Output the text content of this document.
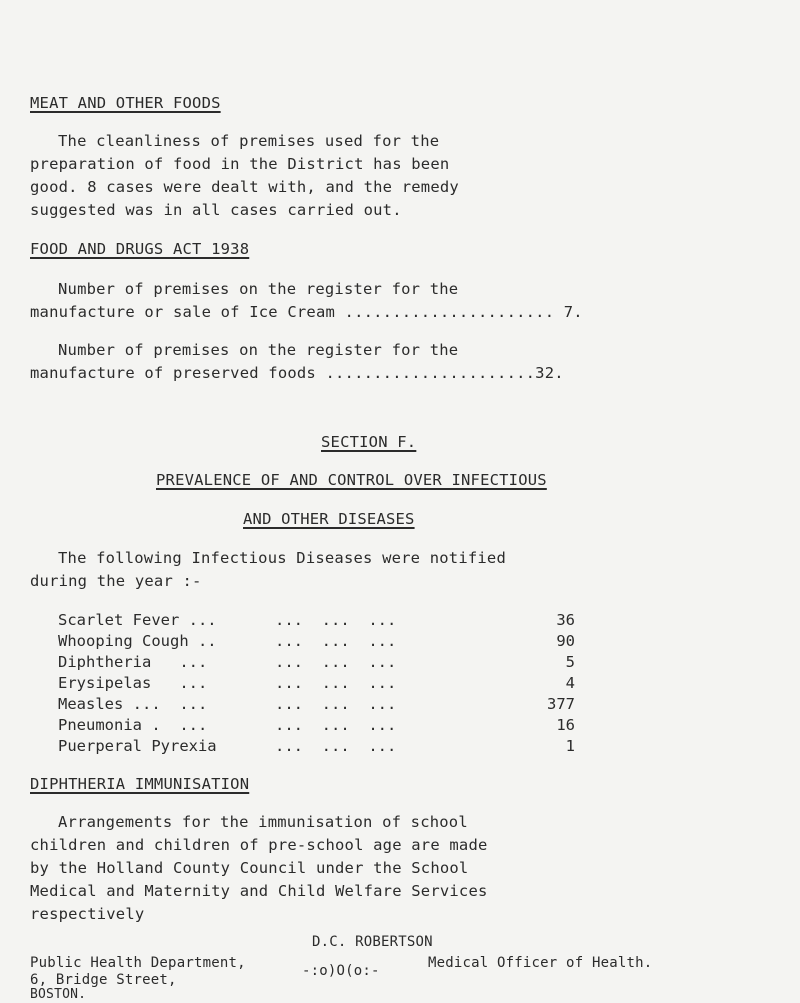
MEAT AND OTHER FOODS
The cleanliness of premises used for the
preparation of food in the District has been
good. 8 cases were dealt with, and the remedy
suggested was in all cases carried out.
FOOD AND DRUGS ACT 1938
Number of premises on the register for the
manufacture or sale of Ice Cream ...................... 7.
Number of premises on the register for the
manufacture of preserved foods ......................32.
SECTION F.
PREVALENCE OF AND CONTROL OVER INFECTIOUS
AND OTHER DISEASES
The following Infectious Diseases were notified
during the year :-
Scarlet Fever ...	...  ...  ...	36
Whooping Cough ..	...  ...  ...	90
Diphtheria   ...	...  ...  ...	5
Erysipelas   ...	...  ...  ...	4
Measles ...  ...	...  ...  ...	377
Pneumonia .  ...	...  ...  ...	16
Puerperal Pyrexia	...  ...  ...	1
DIPHTHERIA IMMUNISATION
Arrangements for the immunisation of school
children and children of pre-school age are made
by the Holland County Council under the School
Medical and Maternity and Child Welfare Services
respectively
D.C. ROBERTSON
Medical Officer of Health.
Public Health Department,
6, Bridge Street,
BOSTON.
-:o)O(o:-
